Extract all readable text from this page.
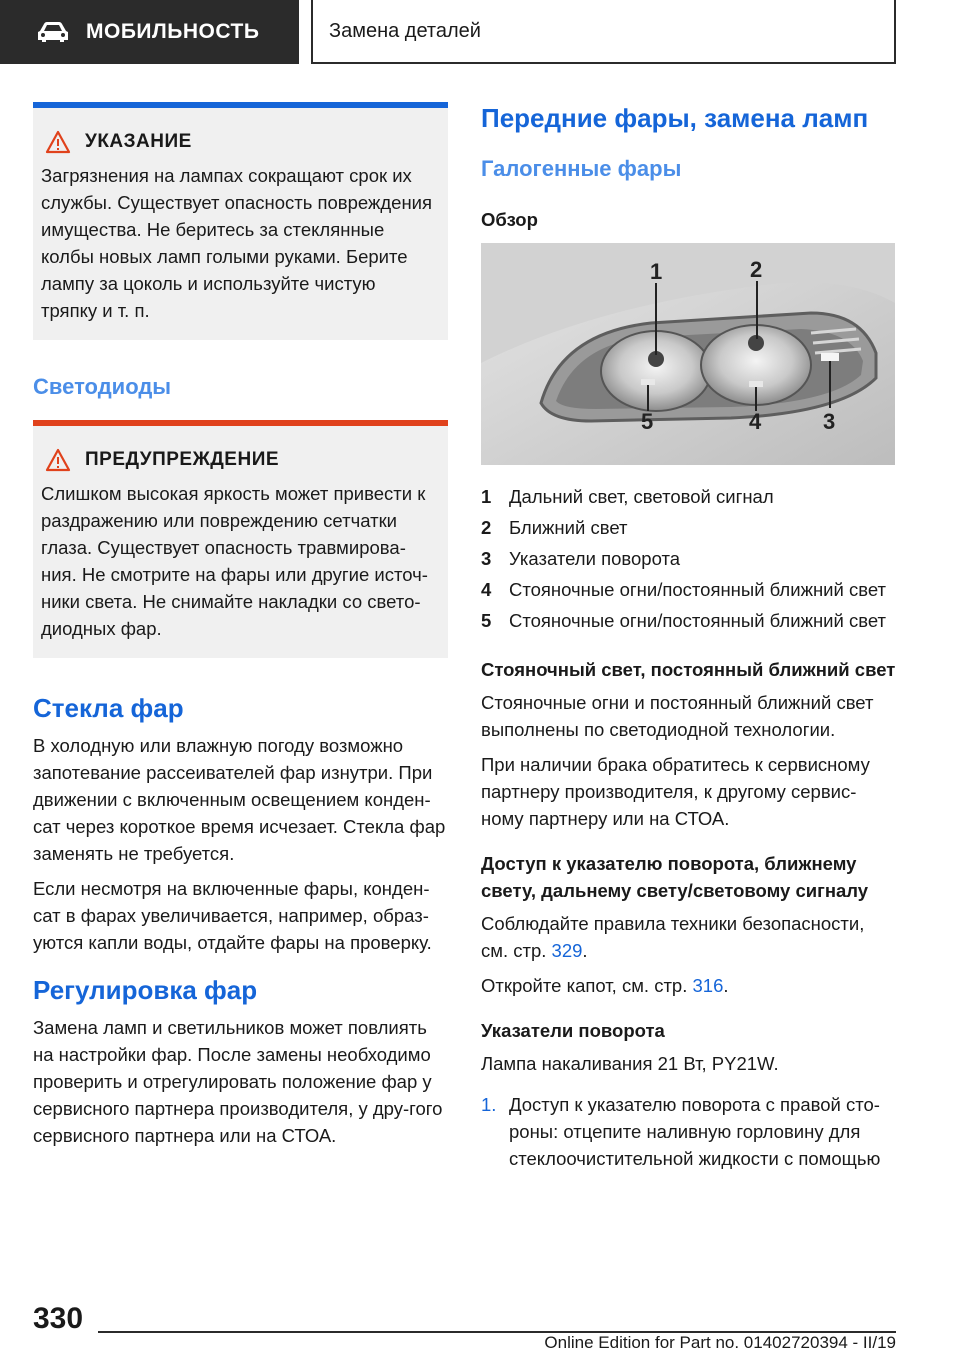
МОБИЛЬНОСТЬ	Замена деталей
УКАЗАНИЕ

Загрязнения на лампах сокращают срок их службы. Существует опасность повреждения имущества. Не беритесь за стеклянные колбы новых ламп голыми руками. Берите лампу за цоколь и используйте чистую тряпку и т. п.

Светодиоды
ПРЕДУПРЕЖДЕНИЕ

Слишком высокая яркость может привести к раздражению или повреждению сетчатки глаза. Существует опасность травмирова-ния. Не смотрите на фары или другие источ-ники света. Не снимайте накладки со свето-диодных фар.

Стекла фар

В холодную или влажную погоду возможно запотевание рассеивателей фар изнутри. При движении с включенным освещением конден-сат через короткое время исчезает. Стекла фар заменять не требуется.

Если несмотря на включенные фары, конден-сат в фарах увеличивается, например, образ-уются капли воды, отдайте фары на проверку.

Регулировка фар

Замена ламп и светильников может повлиять на настройки фар. После замены необходимо проверить и отрегулировать положение фар у сервисного партнера производителя, у дру-гого сервисного партнера или на СТОА.

Передние фары, замена ламп
Галогенные фары
Обзор
1	2
3
4
5
1 Дальний свет, световой сигнал
2 Ближний свет
3 Указатели поворота
4 Стояночные огни/постоянный ближний свет
5 Стояночные огни/постоянный ближний свет
Стояночный свет, постоянный ближний свет

Стояночные огни и постоянный ближний свет выполнены по светодиодной технологии.

При наличии брака обратитесь к сервисному партнеру производителя, к другому сервис-ному партнеру или на СТОА.

Доступ к указателю поворота, ближнему свету, дальнему свету/световому сигналу

Соблюдайте правила техники безопасности, см. стр. 329.

Откройте капот, см. стр. 316.

Указатели поворота

Лампа накаливания 21 Вт, PY21W.

1. Доступ к указателю поворота с правой сто-роны: отцепите наливную горловину для стеклоочистительной жидкости с помощью
330
Online Edition for Part no. 01402720394 - II/19
